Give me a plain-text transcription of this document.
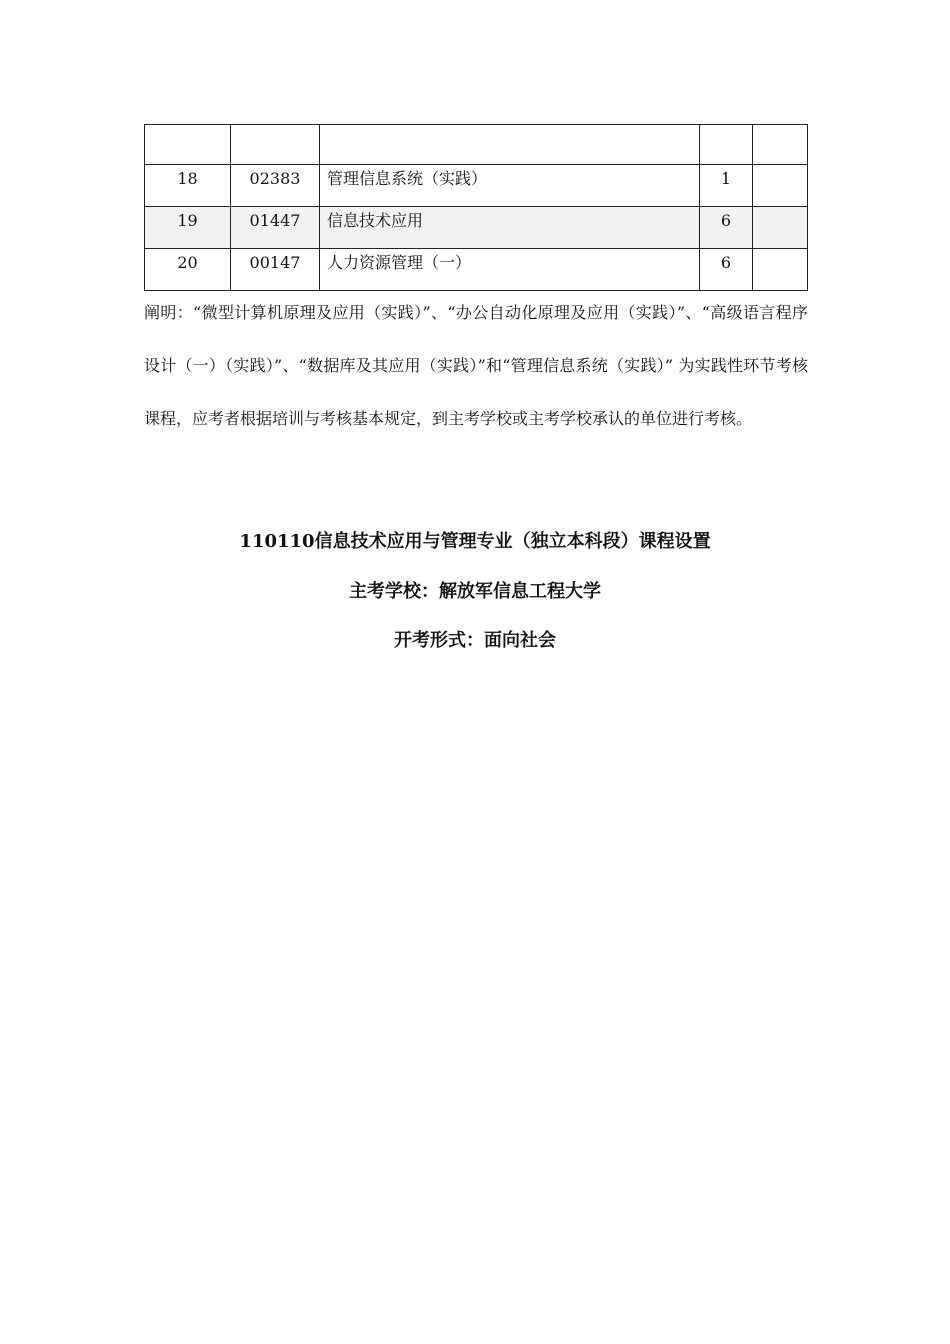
18	02383	管理信息系统（实践）	1	

19	01447	信息技术应用	6	

20	00147	人力资源管理（一）	6	

阐明：“微型计算机原理及应用（实践）”、“办公自动化原理及应用（实践）”、“高级语言程序设计（一）（实践）”、“数据库及其应用（实践）”和“管理信息系统（实践）” 为实践性环节考核课程，应考者根据培训与考核基本规定，到主考学校或主考学校承认的单位进行考核。

110110信息技术应用与管理专业（独立本科段）课程设置
主考学校：解放军信息工程大学
开考形式：面向社会
